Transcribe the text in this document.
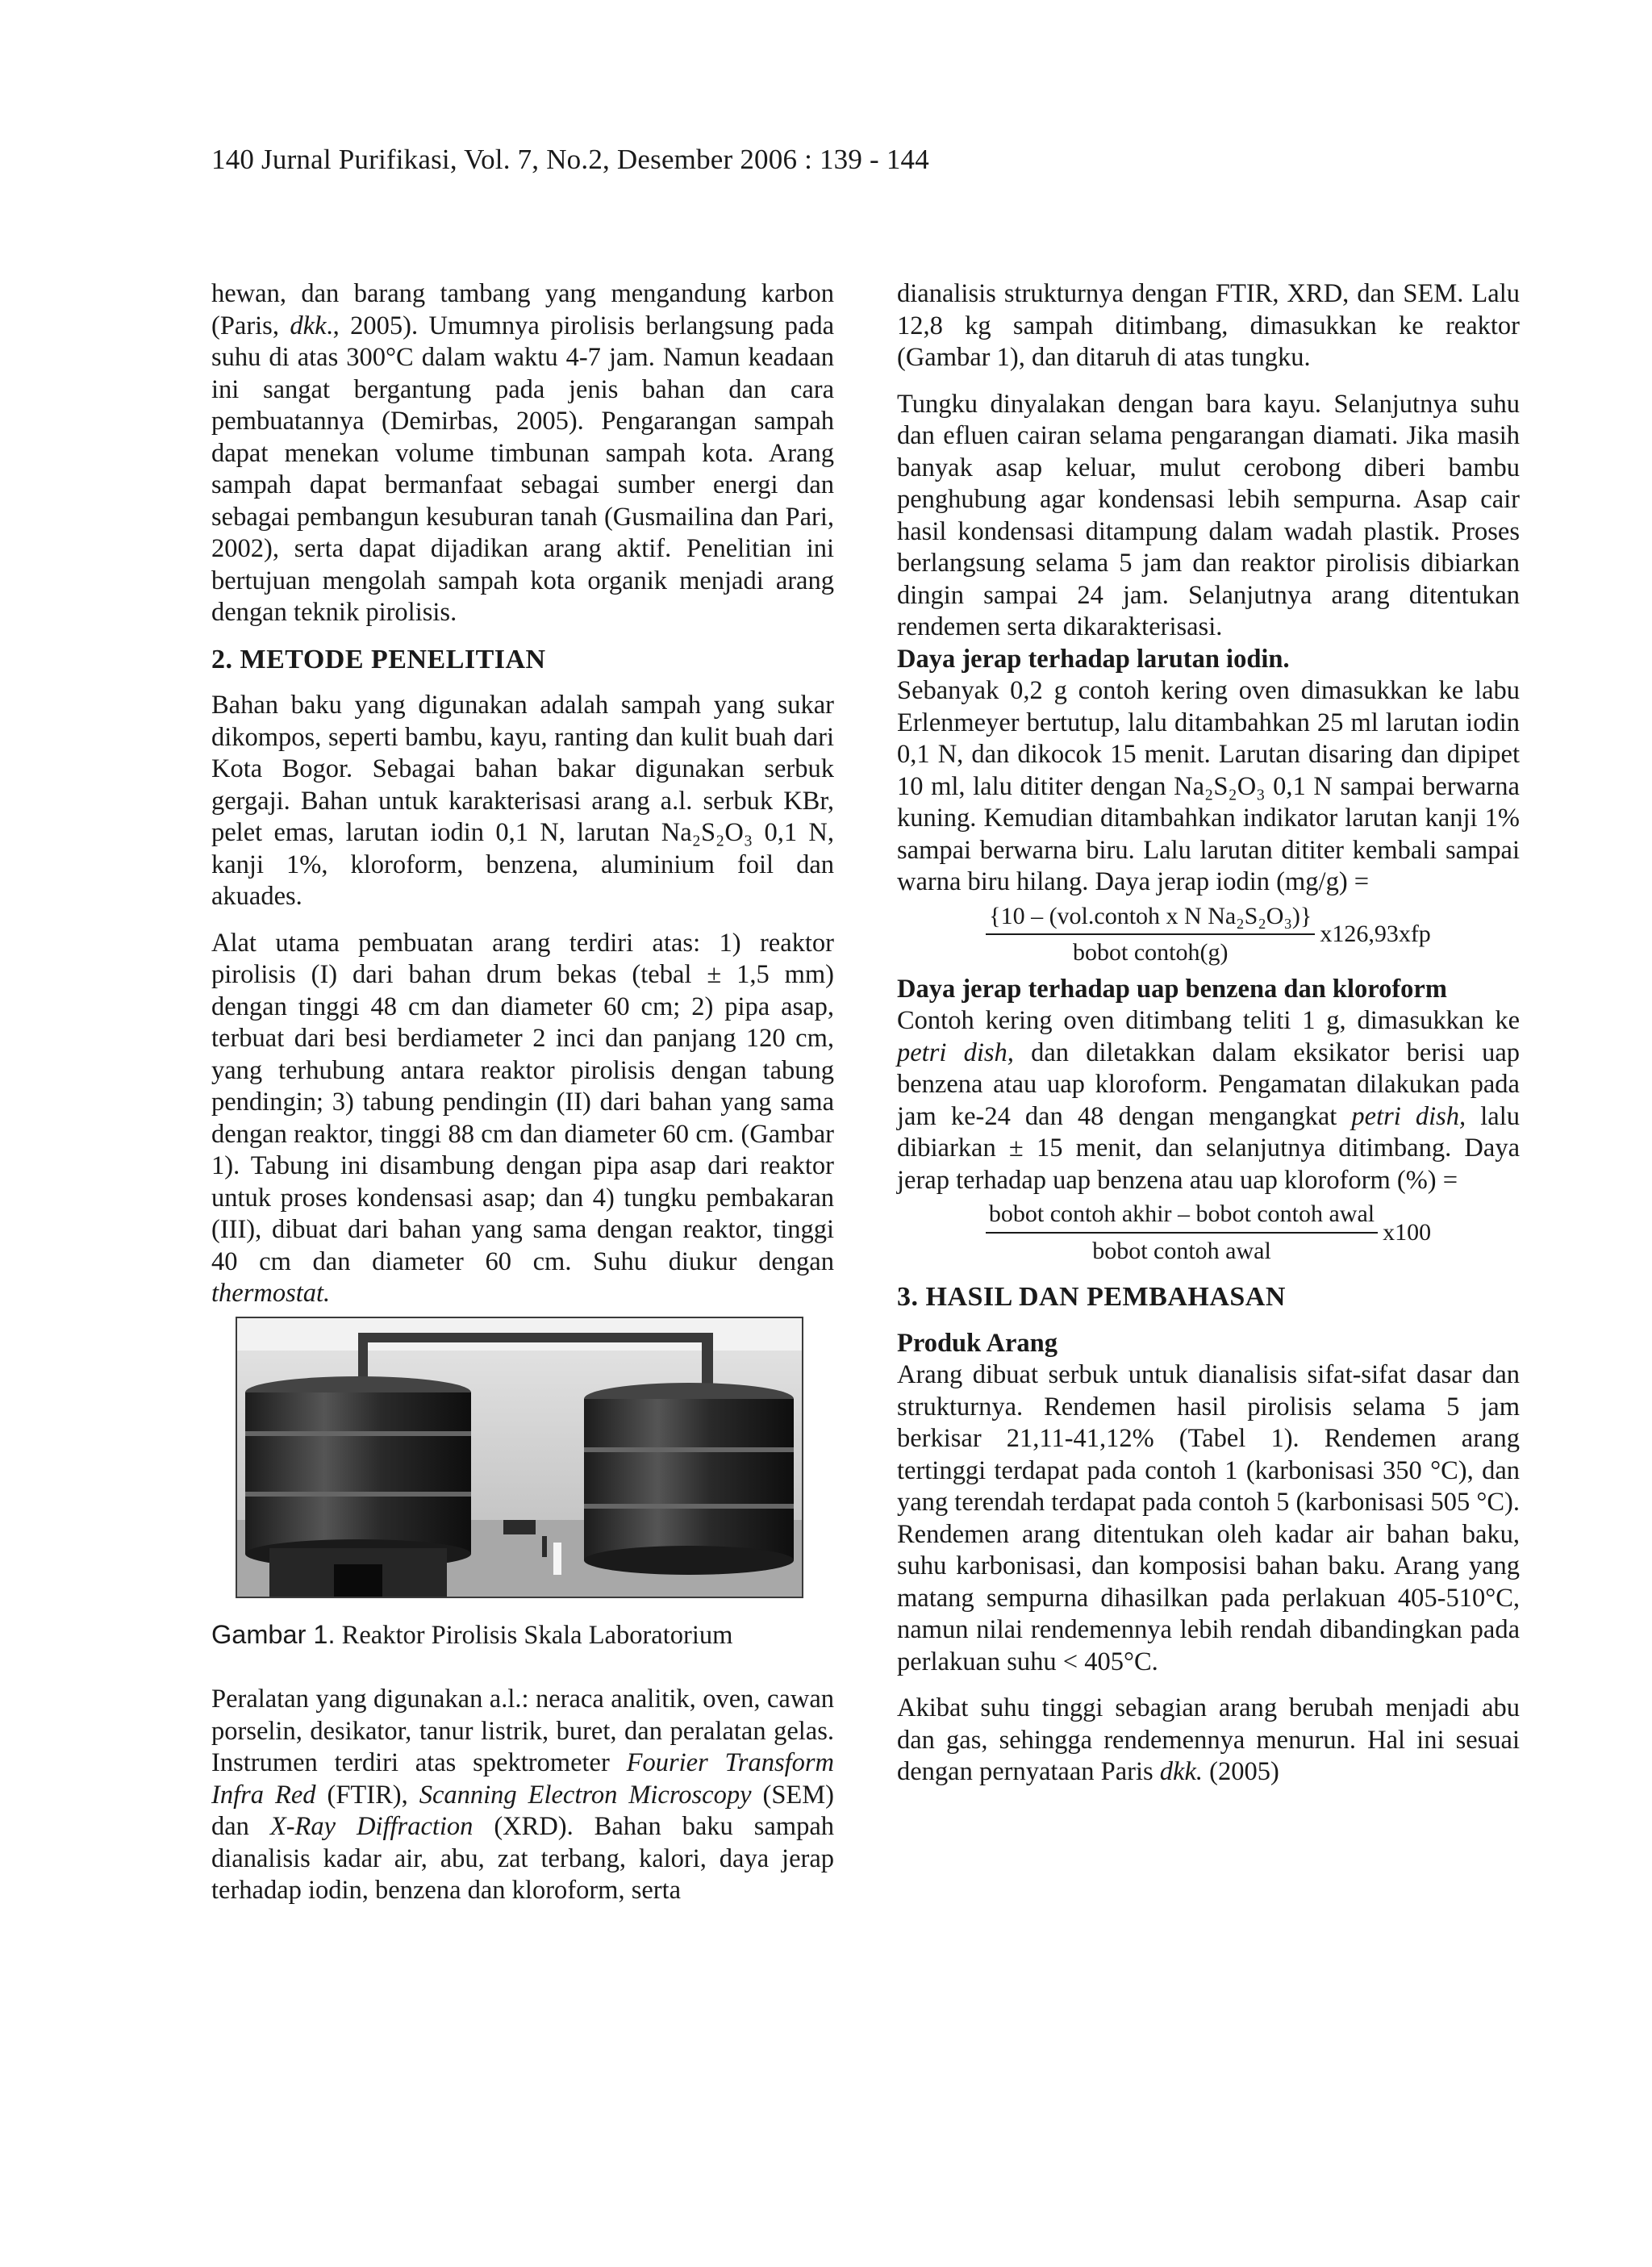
140 Jurnal Purifikasi, Vol. 7, No.2, Desember 2006 : 139 - 144

hewan, dan barang tambang yang mengandung karbon (Paris, dkk., 2005). Umumnya pirolisis berlangsung pada suhu di atas 300°C dalam waktu 4-7 jam. Namun keadaan ini sangat bergantung pada jenis bahan dan cara pembuatannya (Demirbas, 2005). Pengarangan sampah dapat menekan volume timbunan sampah kota. Arang sampah dapat bermanfaat sebagai sumber energi dan sebagai pembangun kesuburan tanah (Gusmailina dan Pari, 2002), serta dapat dijadikan arang aktif. Penelitian ini bertujuan mengolah sampah kota organik menjadi arang dengan teknik pirolisis.

2. METODE PENELITIAN

Bahan baku yang digunakan adalah sampah yang sukar dikompos, seperti bambu, kayu, ranting dan kulit buah dari Kota Bogor. Sebagai bahan bakar digunakan serbuk gergaji. Bahan untuk karakterisasi arang a.l. serbuk KBr, pelet emas, larutan iodin 0,1 N, larutan Na₂S₂O₃ 0,1 N, kanji 1%, kloroform, benzena, aluminium foil dan akuades.

Alat utama pembuatan arang terdiri atas: 1) reaktor pirolisis (I) dari bahan drum bekas (tebal ± 1,5 mm) dengan tinggi 48 cm dan diameter 60 cm; 2) pipa asap, terbuat dari besi berdiameter 2 inci dan panjang 120 cm, yang terhubung antara reaktor pirolisis dengan tabung pendingin; 3) tabung pendingin (II) dari bahan yang sama dengan reaktor, tinggi 88 cm dan diameter 60 cm. (Gambar 1). Tabung ini disambung dengan pipa asap dari reaktor untuk proses kondensasi asap; dan 4) tungku pembakaran (III), dibuat dari bahan yang sama dengan reaktor, tinggi 40 cm dan diameter 60 cm. Suhu diukur dengan thermostat.

Gambar 1. Reaktor Pirolisis Skala Laboratorium

Peralatan yang digunakan a.l.: neraca analitik, oven, cawan porselin, desikator, tanur listrik, buret, dan peralatan gelas. Instrumen terdiri atas spektrometer Fourier Transform Infra Red (FTIR), Scanning Electron Microscopy (SEM) dan X-Ray Diffraction (XRD). Bahan baku sampah dianalisis kadar air, abu, zat terbang, kalori, daya jerap terhadap iodin, benzena dan kloroform, serta

dianalisis strukturnya dengan FTIR, XRD, dan SEM. Lalu 12,8 kg sampah ditimbang, dimasukkan ke reaktor (Gambar 1), dan ditaruh di atas tungku.

Tungku dinyalakan dengan bara kayu. Selanjutnya suhu dan efluen cairan selama pengarangan diamati. Jika masih banyak asap keluar, mulut cerobong diberi bambu penghubung agar kondensasi lebih sempurna. Asap cair hasil kondensasi ditampung dalam wadah plastik. Proses berlangsung selama 5 jam dan reaktor pirolisis dibiarkan dingin sampai 24 jam. Selanjutnya arang ditentukan rendemen serta dikarakterisasi.

Daya jerap terhadap larutan iodin.

Sebanyak 0,2 g contoh kering oven dimasukkan ke labu Erlenmeyer bertutup, lalu ditambahkan 25 ml larutan iodin 0,1 N, dan dikocok 15 menit. Larutan disaring dan dipipet 10 ml, lalu dititer dengan Na₂S₂O₃ 0,1 N sampai berwarna kuning. Kemudian ditambahkan indikator larutan kanji 1% sampai berwarna biru. Lalu larutan dititer kembali sampai warna biru hilang. Daya jerap iodin (mg/g) =

$\frac{\text{\{10 – (vol.contoh x N Na₂S₂O₃)\}}}{\text{bobot contoh(g)}} x126,93xfp$

Daya jerap terhadap uap benzena dan kloroform

Contoh kering oven ditimbang teliti 1 g, dimasukkan ke petri dish, dan diletakkan dalam eksikator berisi uap benzena atau uap kloroform. Pengamatan dilakukan pada jam ke-24 dan 48 dengan mengangkat petri dish, lalu dibiarkan ± 15 menit, dan selanjutnya ditimbang. Daya jerap terhadap uap benzena atau uap kloroform (%) =

$\frac{\text{bobot contoh akhir – bobot contoh awal}}{\text{bobot contoh awal}} x100$
3. HASIL DAN PEMBAHASAN

Produk Arang

Arang dibuat serbuk untuk dianalisis sifat-sifat dasar dan strukturnya. Rendemen hasil pirolisis selama 5 jam berkisar 21,11-41,12% (Tabel 1). Rendemen arang tertinggi terdapat pada contoh 1 (karbonisasi 350 °C), dan yang terendah terdapat pada contoh 5 (karbonisasi 505 °C). Rendemen arang ditentukan oleh kadar air bahan baku, suhu karbonisasi, dan komposisi bahan baku. Arang yang matang sempurna dihasilkan pada perlakuan 405-510°C, namun nilai rendemennya lebih rendah dibandingkan pada perlakuan suhu < 405°C.

Akibat suhu tinggi sebagian arang berubah menjadi abu dan gas, sehingga rendemennya menurun. Hal ini sesuai dengan pernyataan Paris dkk. (2005)
